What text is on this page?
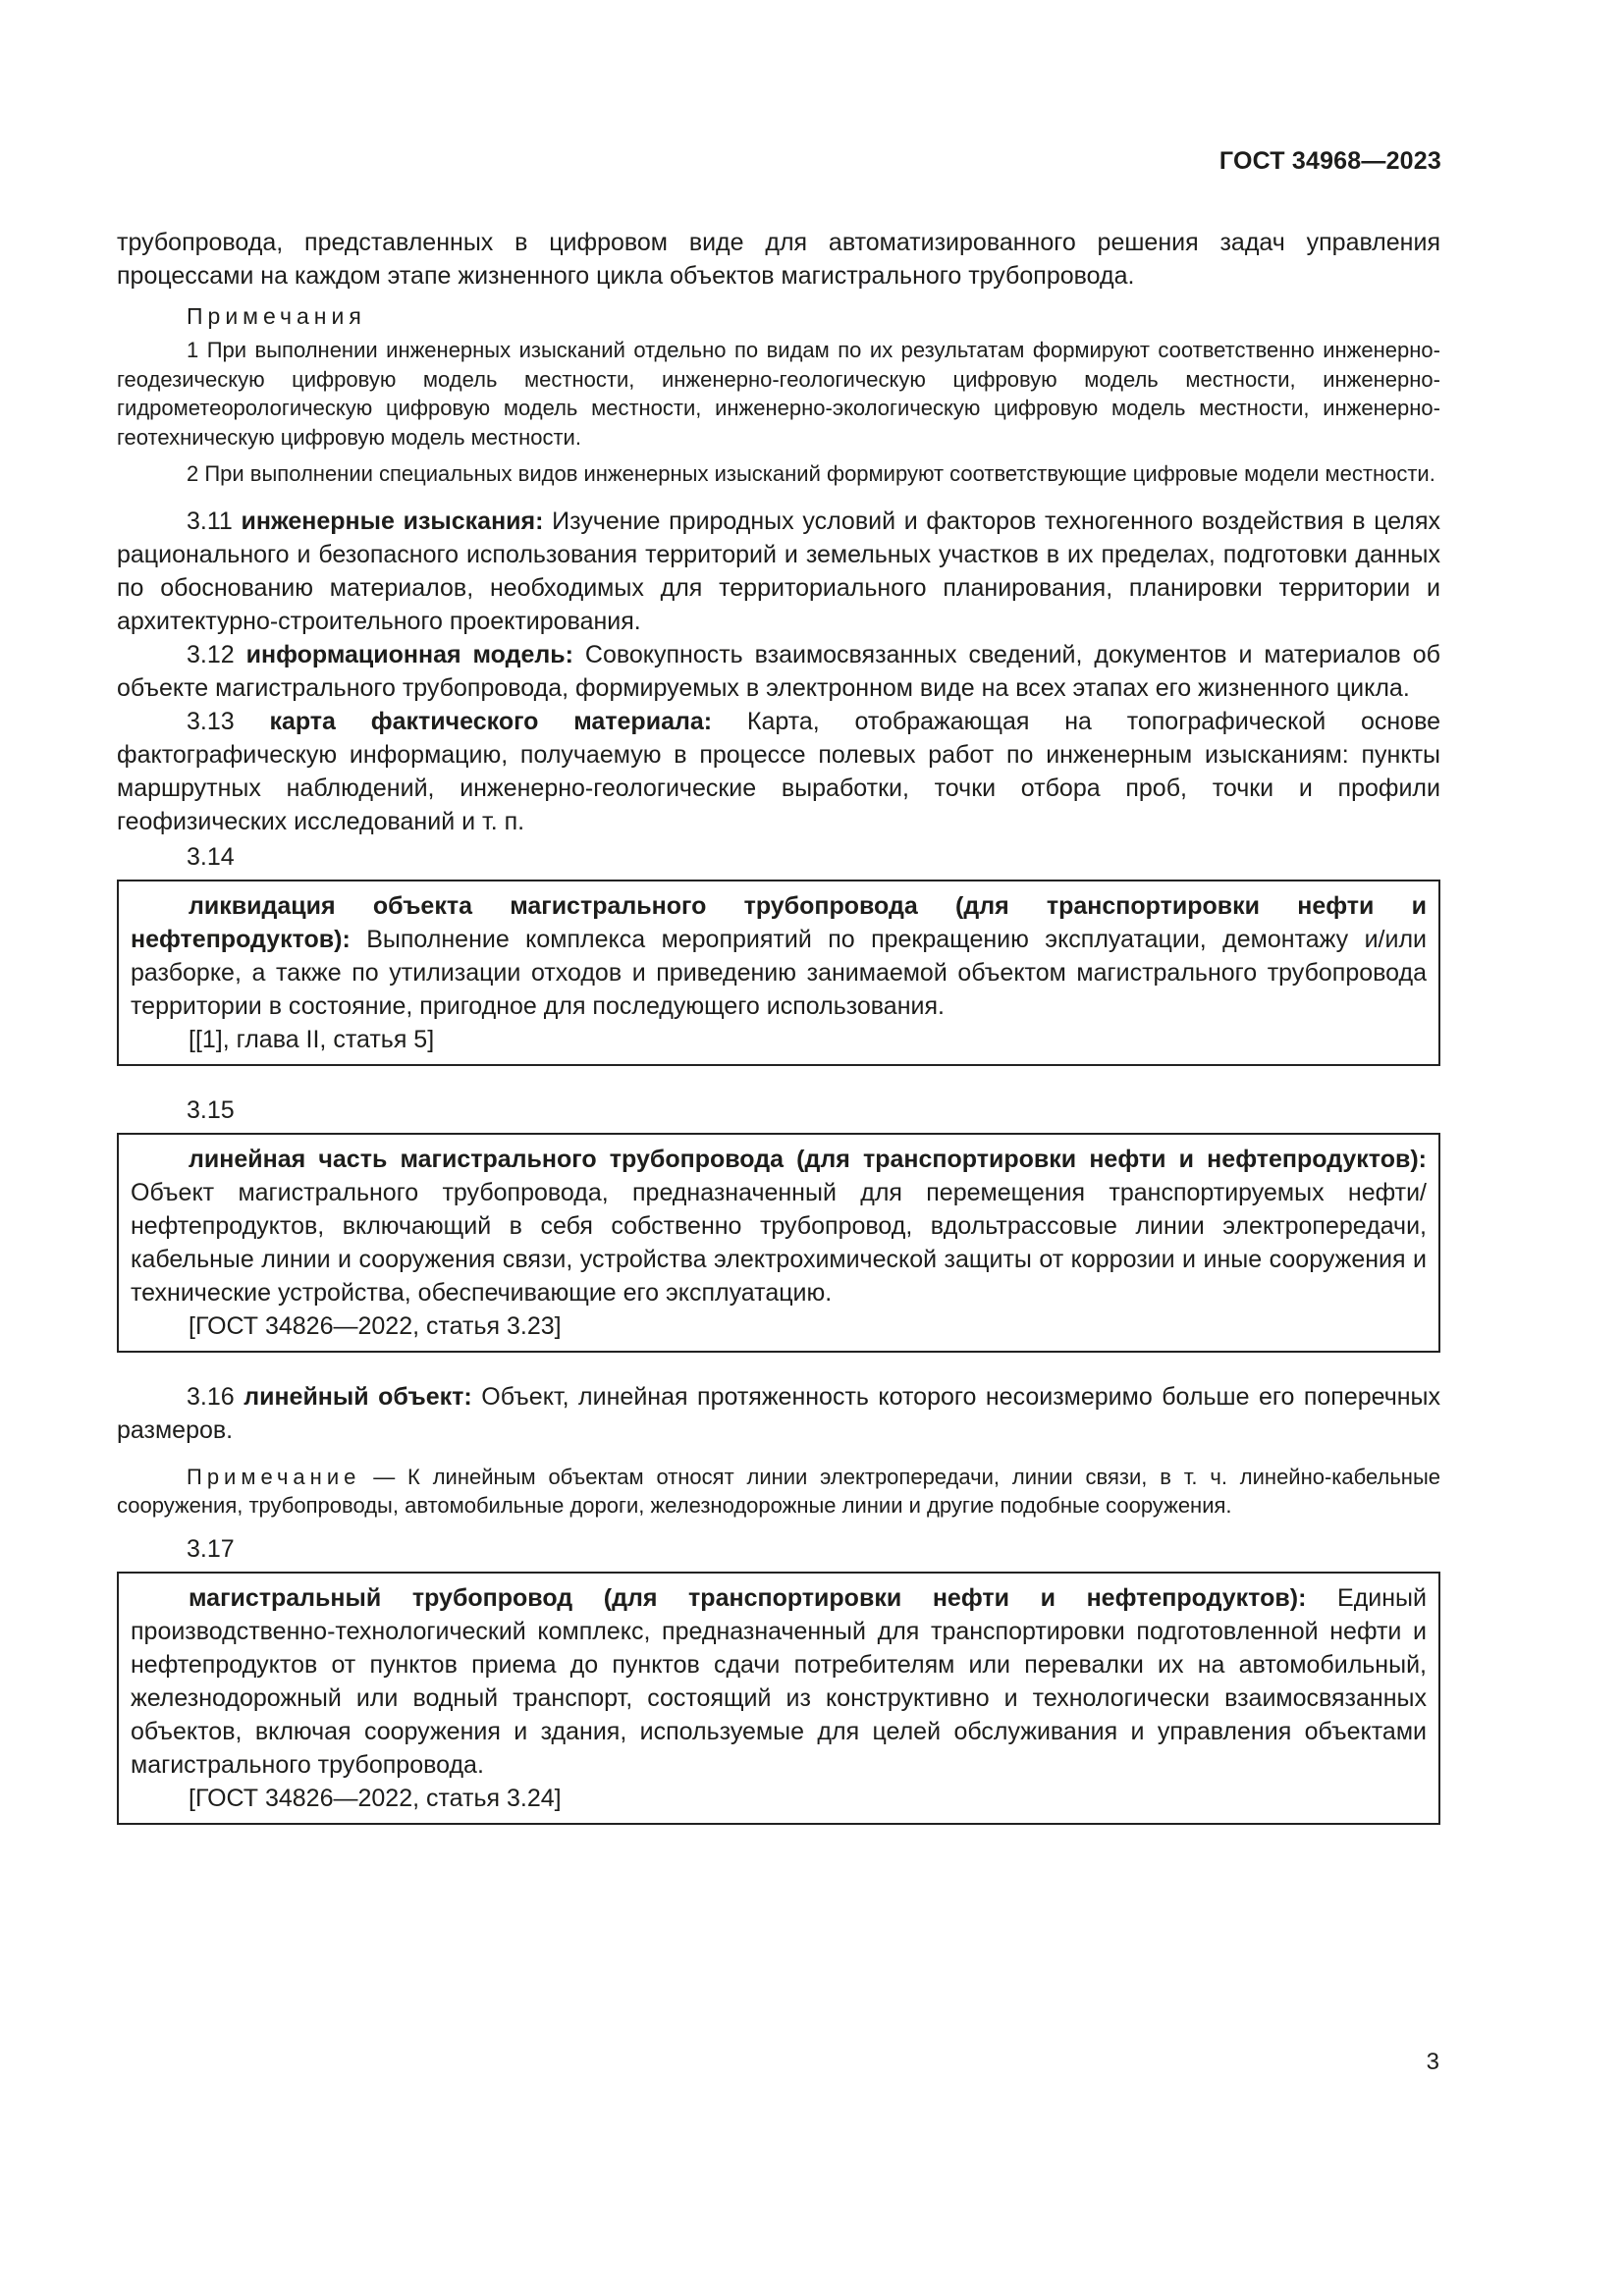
ГОСТ 34968—2023

трубопровода, представленных в цифровом виде для автоматизированного решения задач управления процессами на каждом этапе жизненного цикла объектов магистрального трубопровода.

Примечания

1 При выполнении инженерных изысканий отдельно по видам по их результатам формируют соответственно инженерно-геодезическую цифровую модель местности, инженерно-геологическую цифровую модель местности, инженерно-гидрометеорологическую цифровую модель местности, инженерно-экологическую цифровую модель местности, инженерно-геотехническую цифровую модель местности.

2 При выполнении специальных видов инженерных изысканий формируют соответствующие цифровые модели местности.

3.11 инженерные изыскания: Изучение природных условий и факторов техногенного воздействия в целях рационального и безопасного использования территорий и земельных участков в их пределах, подготовки данных по обоснованию материалов, необходимых для территориального планирования, планировки территории и архитектурно-строительного проектирования.

3.12 информационная модель: Совокупность взаимосвязанных сведений, документов и материалов об объекте магистрального трубопровода, формируемых в электронном виде на всех этапах его жизненного цикла.

3.13 карта фактического материала: Карта, отображающая на топографической основе фактографическую информацию, получаемую в процессе полевых работ по инженерным изысканиям: пункты маршрутных наблюдений, инженерно-геологические выработки, точки отбора проб, точки и профили геофизических исследований и т. п.

3.14

ликвидация объекта магистрального трубопровода (для транспортировки нефти и нефтепродуктов): Выполнение комплекса мероприятий по прекращению эксплуатации, демонтажу и/или разборке, а также по утилизации отходов и приведению занимаемой объектом магистрального трубопровода территории в состояние, пригодное для последующего использования.

[[1], глава II, статья 5]

3.15

линейная часть магистрального трубопровода (для транспортировки нефти и нефтепродуктов): Объект магистрального трубопровода, предназначенный для перемещения транспортируемых нефти/нефтепродуктов, включающий в себя собственно трубопровод, вдольтрассовые линии электропередачи, кабельные линии и сооружения связи, устройства электрохимической защиты от коррозии и иные сооружения и технические устройства, обеспечивающие его эксплуатацию.

[ГОСТ 34826—2022, статья 3.23]

3.16 линейный объект: Объект, линейная протяженность которого несоизмеримо больше его поперечных размеров.

Примечание — К линейным объектам относят линии электропередачи, линии связи, в т. ч. линейно-кабельные сооружения, трубопроводы, автомобильные дороги, железнодорожные линии и другие подобные сооружения.

3.17

магистральный трубопровод (для транспортировки нефти и нефтепродуктов): Единый производственно-технологический комплекс, предназначенный для транспортировки подготовленной нефти и нефтепродуктов от пунктов приема до пунктов сдачи потребителям или перевалки их на автомобильный, железнодорожный или водный транспорт, состоящий из конструктивно и технологически взаимосвязанных объектов, включая сооружения и здания, используемые для целей обслуживания и управления объектами магистрального трубопровода.

[ГОСТ 34826—2022, статья 3.24]

3
